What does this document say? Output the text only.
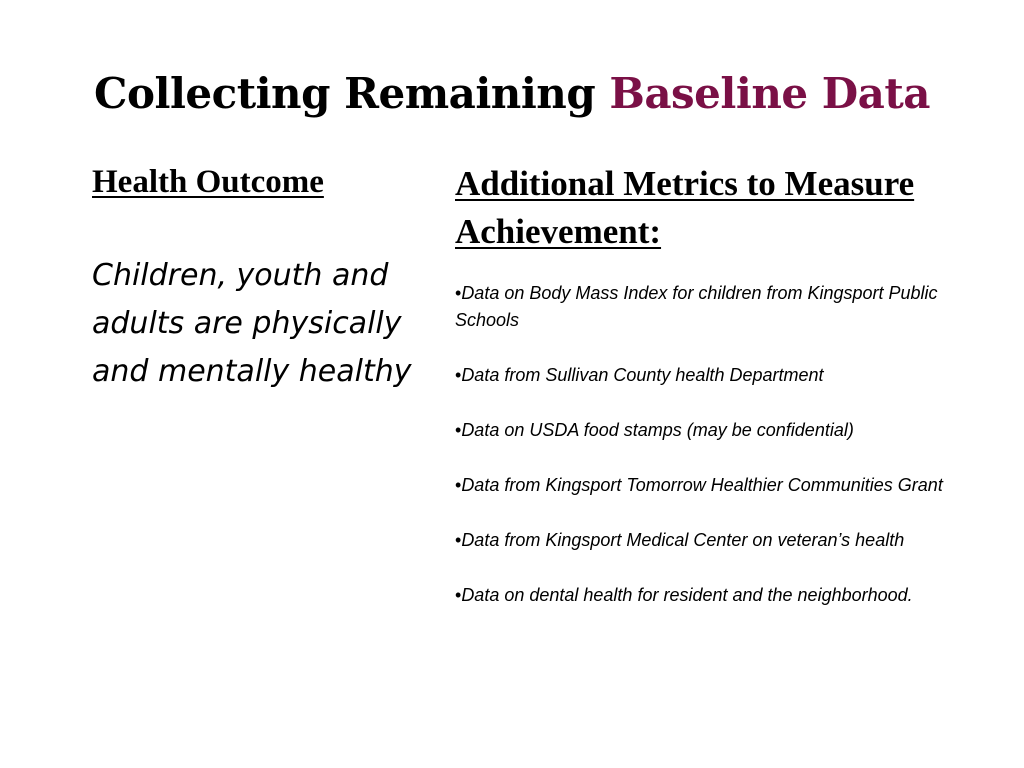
Collecting Remaining Baseline Data
Health Outcome
Children, youth and adults are physically and mentally healthy
Additional Metrics to Measure Achievement:
•Data on Body Mass Index for children from Kingsport Public Schools
•Data from Sullivan County health Department
•Data on USDA food stamps (may be confidential)
•Data from Kingsport Tomorrow Healthier Communities Grant
•Data from Kingsport Medical Center on veteran’s health
•Data on dental health for resident and the neighborhood.
